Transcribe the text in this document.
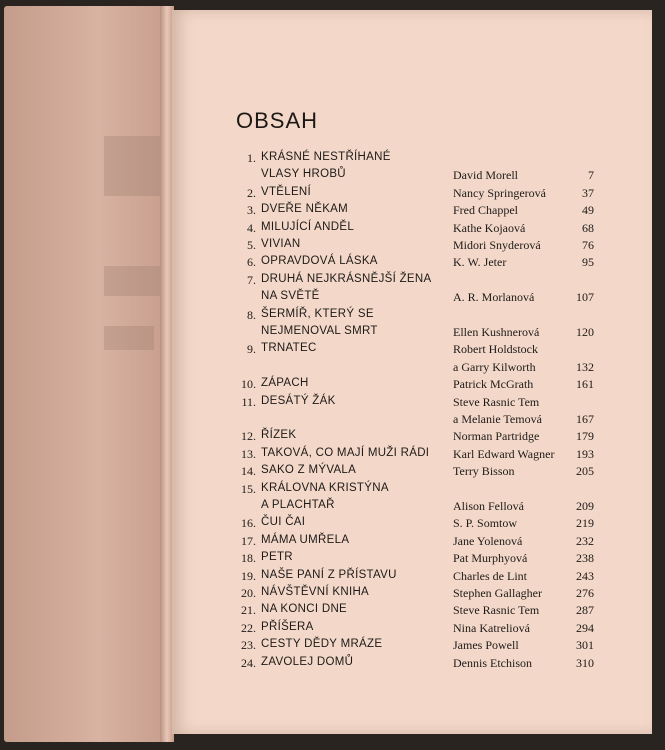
OBSAH
1. KRÁSNÉ NESTŘÍHANÉ
VLASY HROBŮ	David Morell	7
2. VTĚLENÍ	Nancy Springerová	37
3. DVEŘE NĚKAM	Fred Chappel	49
4. MILUJÍCÍ ANDĚL	Kathe Kojaová	68
5. VIVIAN	Midori Snyderová	76
6. OPRAVDOVÁ LÁSKA	K. W. Jeter	95
7. DRUHÁ NEJKRÁSNĚJŠÍ ŽENA
NA SVĚTĚ	A. R. Morlanová	107
8. ŠERMÍŘ, KTERÝ SE
NEJMENOVAL SMRT	Ellen Kushnerová	120
9. TRNATEC	Robert Holdstock
a Garry Kilworth	132
10. ZÁPACH	Patrick McGrath	161
11. DESÁTÝ ŽÁK	Steve Rasnic Tem
a Melanie Temová	167
12. ŘÍZEK	Norman Partridge	179
13. TAKOVÁ, CO MAJÍ MUŽI RÁDI	Karl Edward Wagner	193
14. SAKO Z MÝVALA	Terry Bisson	205
15. KRÁLOVNA KRISTÝNA
A PLACHTAŘ	Alison Fellová	209
16. ČUI ČAI	S. P. Somtow	219
17. MÁMA UMŘELA	Jane Yolenová	232
18. PETR	Pat Murphyová	238
19. NAŠE PANÍ Z PŘÍSTAVU	Charles de Lint	243
20. NÁVŠTĚVNÍ KNIHA	Stephen Gallagher	276
21. NA KONCI DNE	Steve Rasnic Tem	287
22. PŘÍŠERA	Nina Katreliová	294
23. CESTY DĚDY MRÁZE	James Powell	301
24. ZAVOLEJ DOMŮ	Dennis Etchison	310
